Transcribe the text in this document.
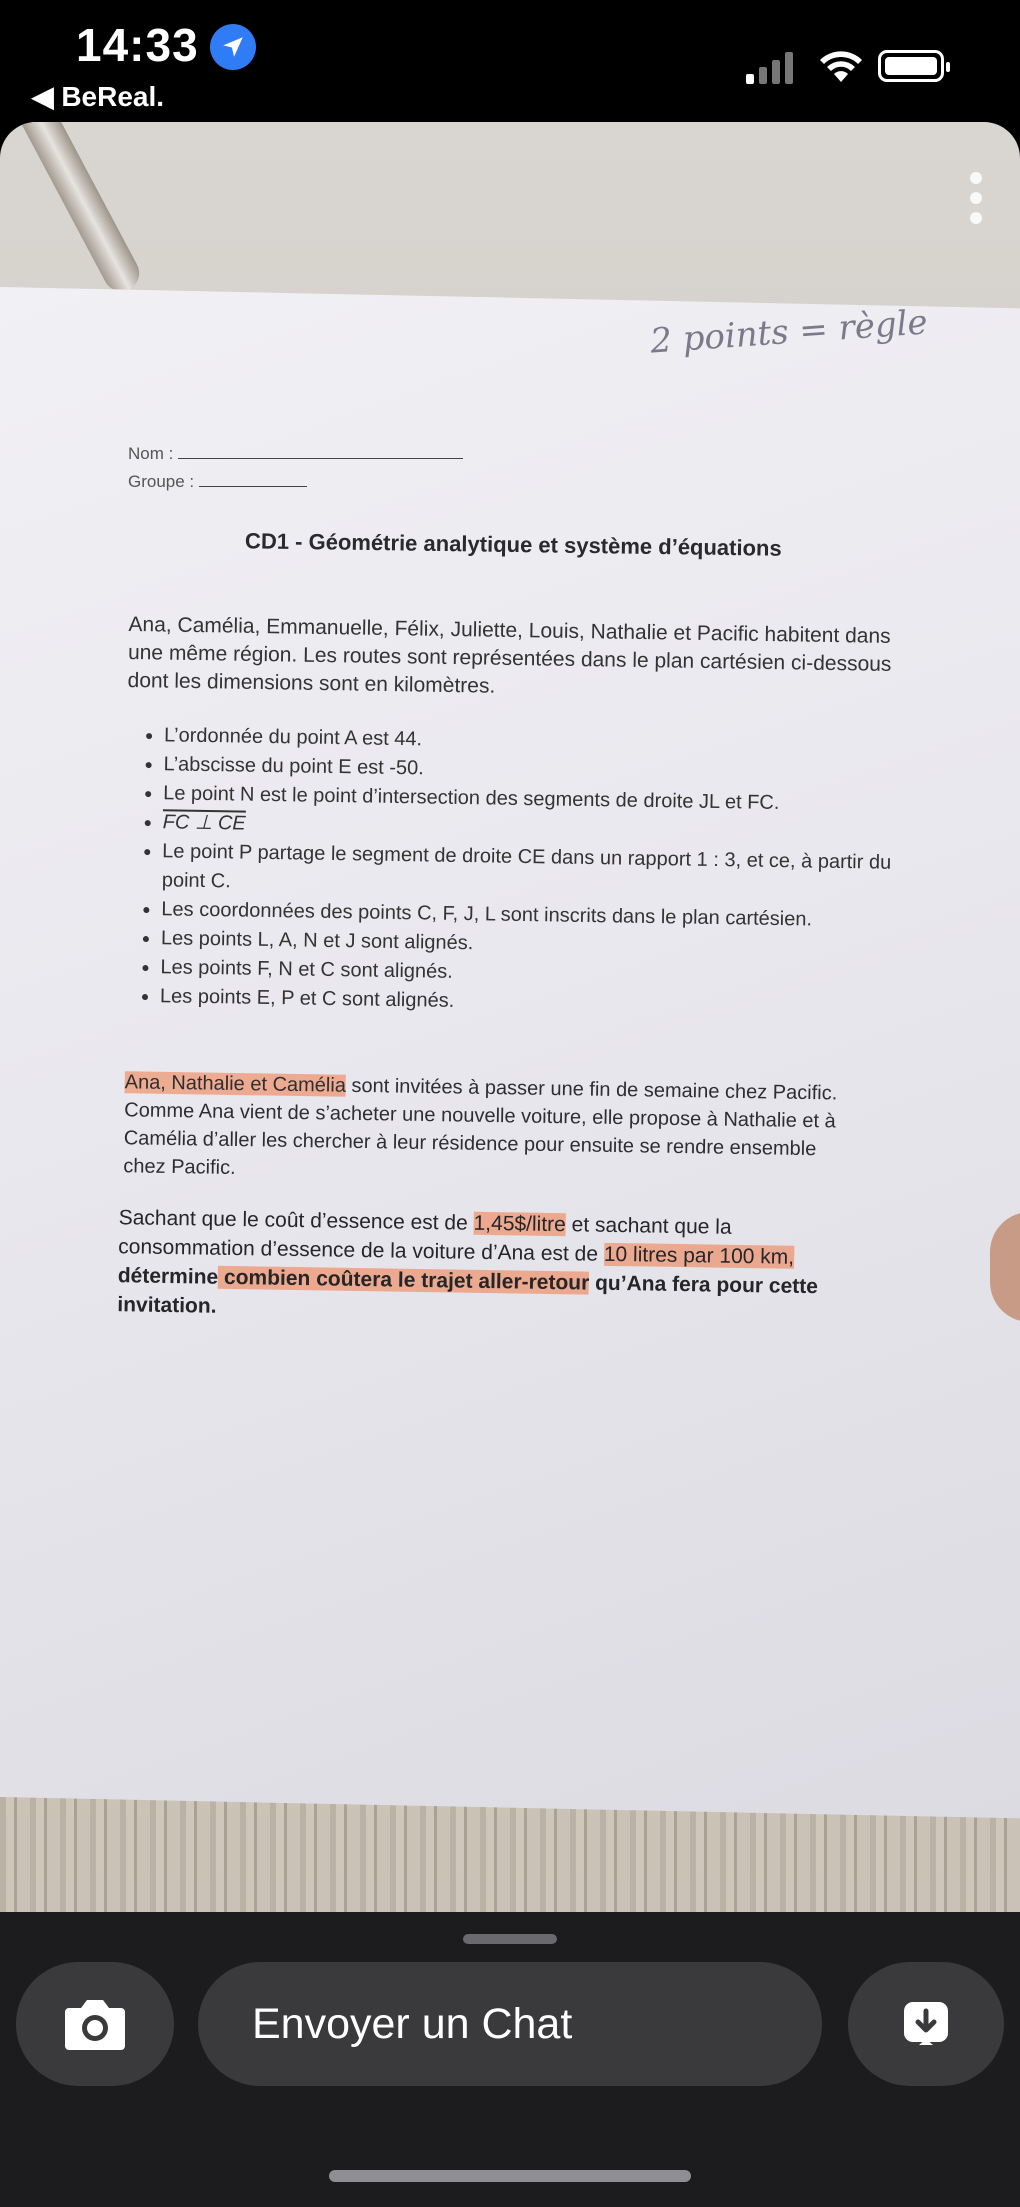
14:33
◀ BeReal.
2 points = règle
Nom :
Groupe :
CD1 - Géométrie analytique et système d’équations
Ana, Camélia, Emmanuelle, Félix, Juliette, Louis, Nathalie et Pacific habitent dans une même région. Les routes sont représentées dans le plan cartésien ci-dessous dont les dimensions sont en kilomètres.
• L’ordonnée du point A est 44.
• L’abscisse du point E est -50.
• Le point N est le point d’intersection des segments de droite JL et FC.
• FC ⊥ CE
• Le point P partage le segment de droite CE dans un rapport 1 : 3, et ce, à partir du point C.
• Les coordonnées des points C, F, J, L sont inscrits dans le plan cartésien.
• Les points L, A, N et J sont alignés.
• Les points F, N et C sont alignés.
• Les points E, P et C sont alignés.
Ana, Nathalie et Camélia sont invitées à passer une fin de semaine chez Pacific. Comme Ana vient de s’acheter une nouvelle voiture, elle propose à Nathalie et à Camélia d’aller les chercher à leur résidence pour ensuite se rendre ensemble chez Pacific.
Sachant que le coût d’essence est de 1,45$/litre et sachant que la consommation d’essence de la voiture d’Ana est de 10 litres par 100 km, détermine combien coûtera le trajet aller-retour qu’Ana fera pour cette invitation.
Envoyer un Chat
